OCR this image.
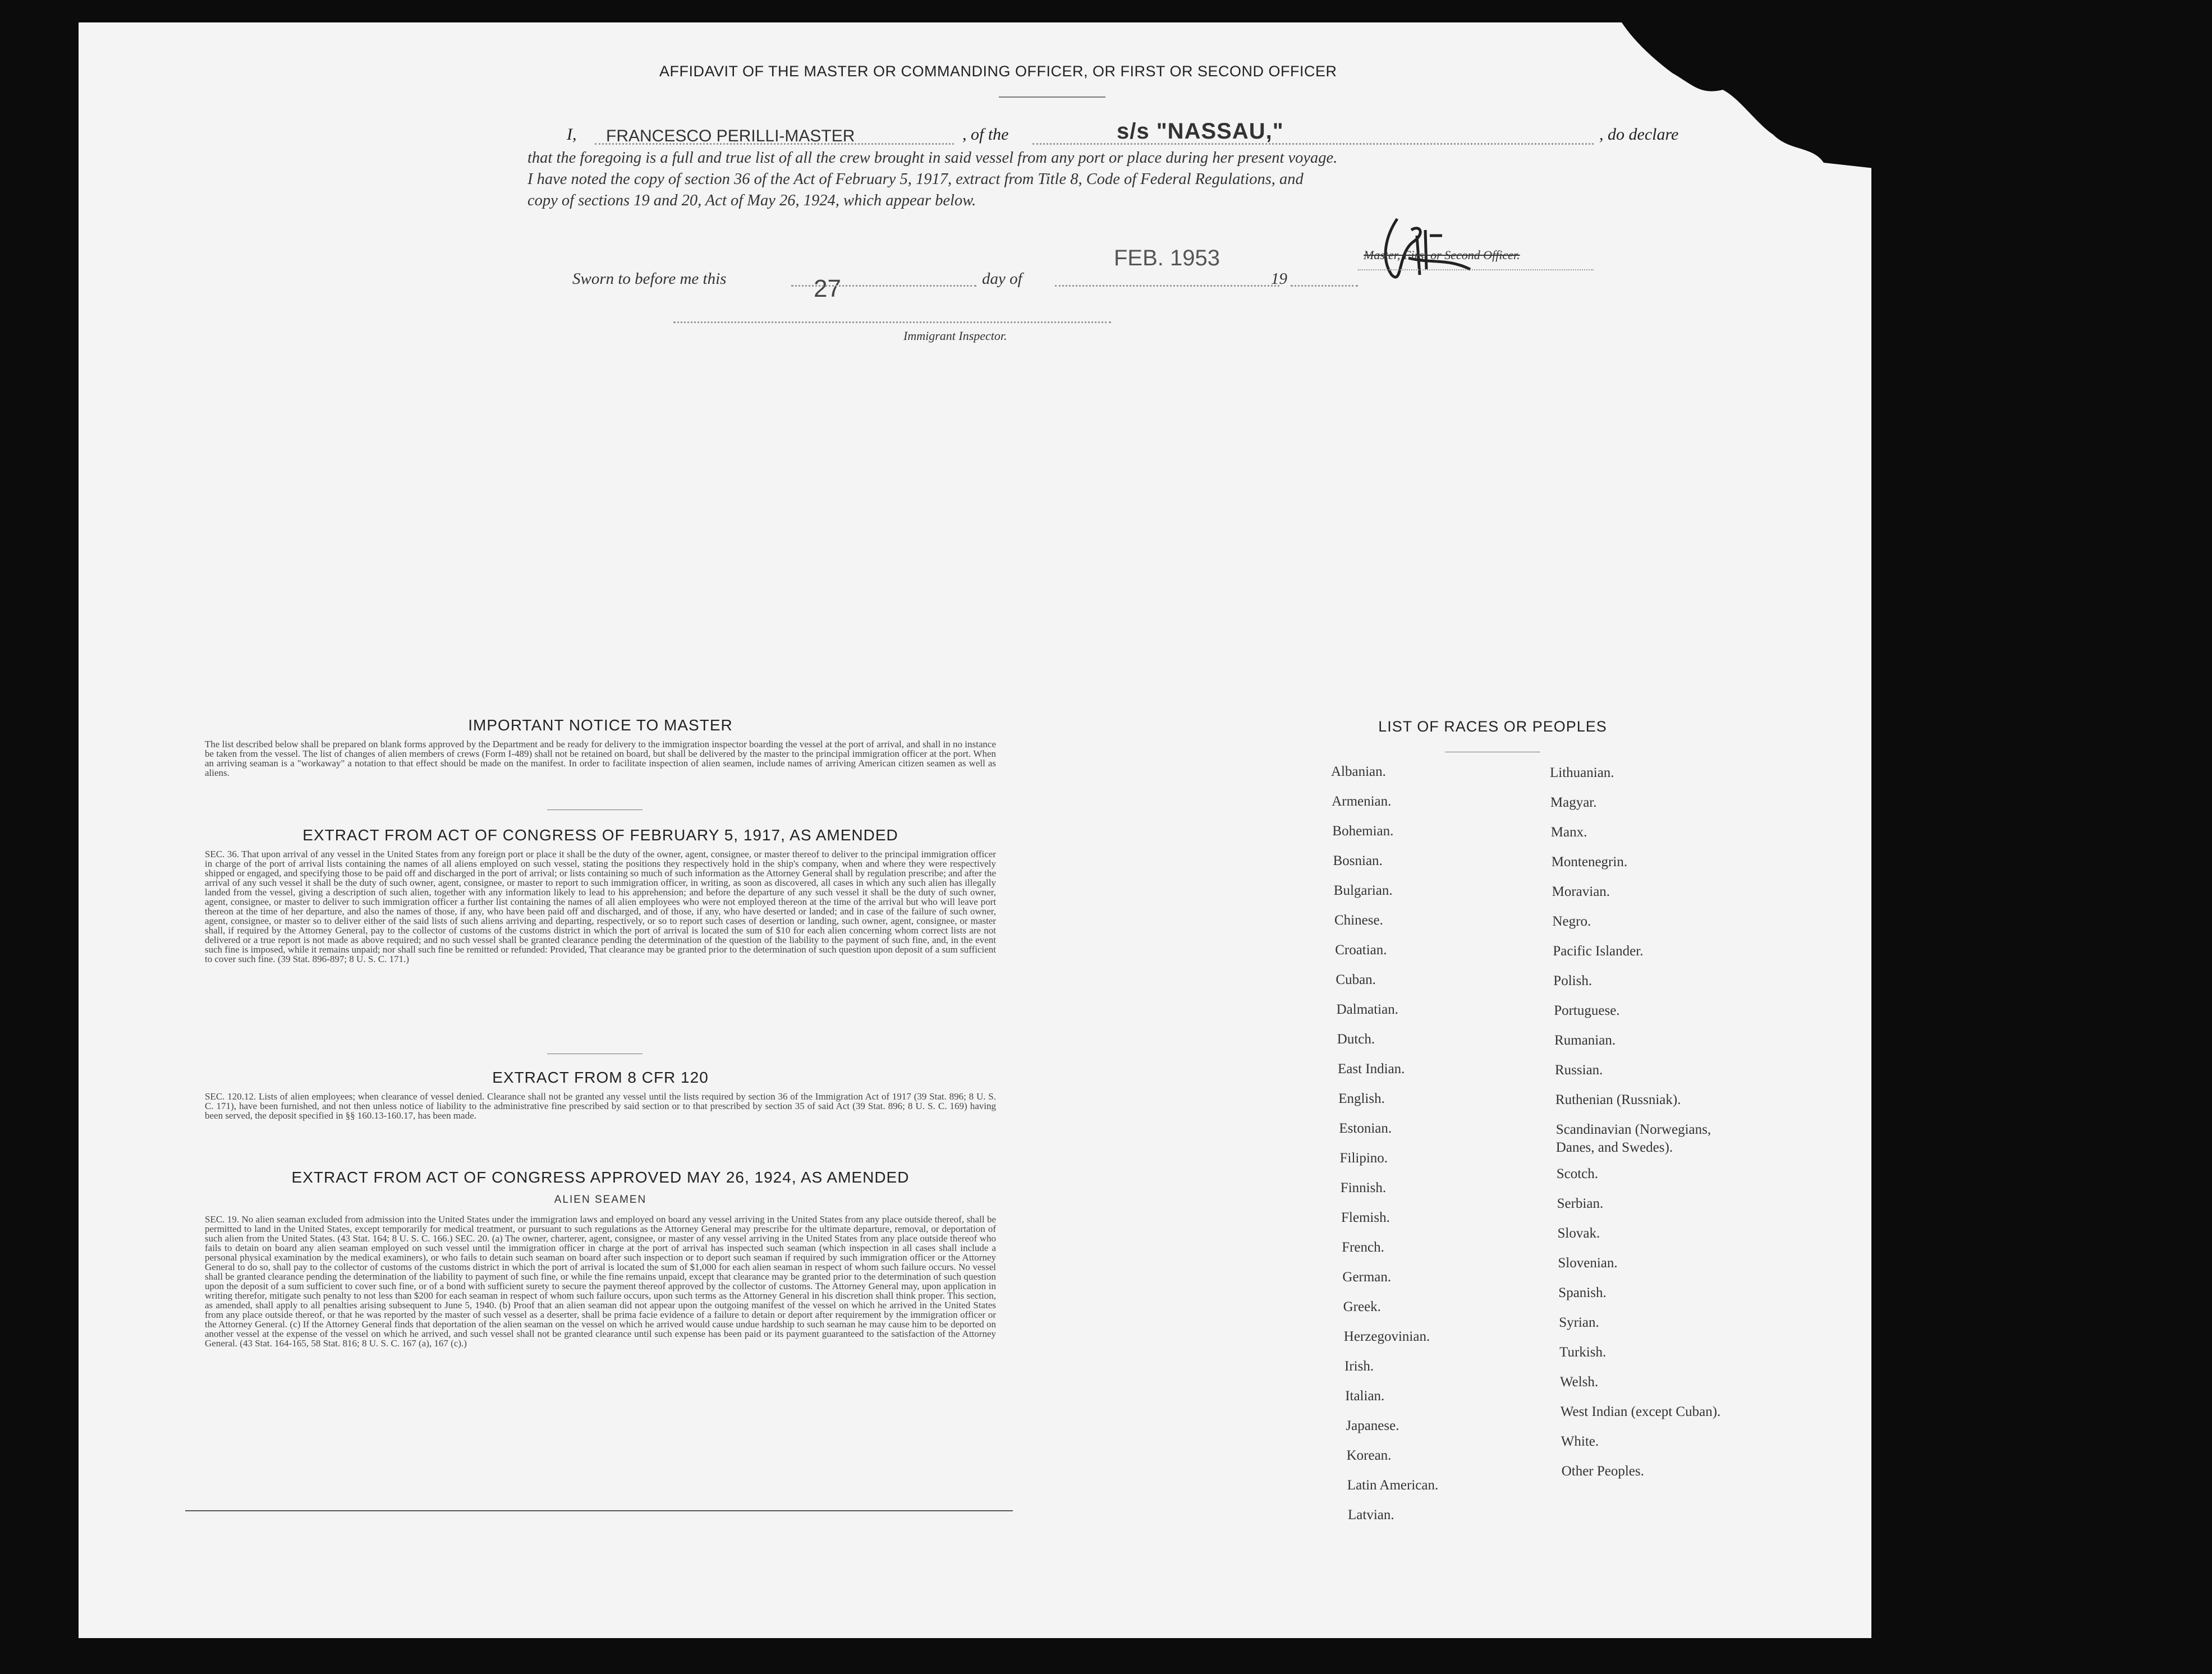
AFFIDAVIT OF THE MASTER OR COMMANDING OFFICER, OR FIRST OR SECOND OFFICER
I, FRANCESCO PERILLI-MASTER	, of the	s/s "NASSAU,"	, do declare
that the foregoing is a full and true list of all the crew brought in said vessel from any port or place during her present voyage.
I have noted the copy of section 36 of the Act of February 5, 1917, extract from Title 8, Code of Federal Regulations, and
copy of sections 19 and 20, Act of May 26, 1924, which appear below.
Sworn to before me this	27	day of
FEB. 1953
19
Master, First or Second Officer.
Immigrant Inspector.
IMPORTANT NOTICE TO MASTER
The list described below shall be prepared on blank forms approved by the Department and be ready for delivery to the immigration inspector boarding the vessel at the port of arrival, and shall in no instance be taken from the vessel. The list of changes of alien members of crews (Form I-489) shall not be retained on board, but shall be delivered by the master to the principal immigration officer at the port. When an arriving seaman is a "workaway" a notation to that effect should be made on the manifest. In order to facilitate inspection of alien seamen, include names of arriving American citizen seamen as well as aliens.
EXTRACT FROM ACT OF CONGRESS OF FEBRUARY 5, 1917, AS AMENDED
SEC. 36. That upon arrival of any vessel in the United States from any foreign port or place it shall be the duty of the owner, agent, consignee, or master thereof to deliver to the principal immigration officer in charge of the port of arrival lists containing the names of all aliens employed on such vessel, stating the positions they respectively hold in the ship's company, when and where they were respectively shipped or engaged, and specifying those to be paid off and discharged in the port of arrival; or lists containing so much of such information as the Attorney General shall by regulation prescribe; and after the arrival of any such vessel it shall be the duty of such owner, agent, consignee, or master to report to such immigration officer, in writing, as soon as discovered, all cases in which any such alien has illegally landed from the vessel, giving a description of such alien, together with any information likely to lead to his apprehension; and before the departure of any such vessel it shall be the duty of such owner, agent, consignee, or master to deliver to such immigration officer a further list containing the names of all alien employees who were not employed thereon at the time of the arrival but who will leave port thereon at the time of her departure, and also the names of those, if any, who have been paid off and discharged, and of those, if any, who have deserted or landed; and in case of the failure of such owner, agent, consignee, or master so to deliver either of the said lists of such aliens arriving and departing, respectively, or so to report such cases of desertion or landing, such owner, agent, consignee, or master shall, if required by the Attorney General, pay to the collector of customs of the customs district in which the port of arrival is located the sum of $10 for each alien concerning whom correct lists are not delivered or a true report is not made as above required; and no such vessel shall be granted clearance pending the determination of the question of the liability to the payment of such fine, and, in the event such fine is imposed, while it remains unpaid; nor shall such fine be remitted or refunded: Provided, That clearance may be granted prior to the determination of such question upon deposit of a sum sufficient to cover such fine. (39 Stat. 896-897; 8 U. S. C. 171.)
EXTRACT FROM 8 CFR 120
SEC. 120.12. Lists of alien employees; when clearance of vessel denied. Clearance shall not be granted any vessel until the lists required by section 36 of the Immigration Act of 1917 (39 Stat. 896; 8 U. S. C. 171), have been furnished, and not then unless notice of liability to the administrative fine prescribed by said section or to that prescribed by section 35 of said Act (39 Stat. 896; 8 U. S. C. 169) having been served, the deposit specified in §§ 160.13-160.17, has been made.
EXTRACT FROM ACT OF CONGRESS APPROVED MAY 26, 1924, AS AMENDED
ALIEN SEAMEN
SEC. 19. No alien seaman excluded from admission into the United States under the immigration laws and employed on board any vessel arriving in the United States from any place outside thereof, shall be permitted to land in the United States, except temporarily for medical treatment, or pursuant to such regulations as the Attorney General may prescribe for the ultimate departure, removal, or deportation of such alien from the United States. (43 Stat. 164; 8 U. S. C. 166.) SEC. 20. (a) The owner, charterer, agent, consignee, or master of any vessel arriving in the United States from any place outside thereof who fails to detain on board any alien seaman employed on such vessel until the immigration officer in charge at the port of arrival has inspected such seaman (which inspection in all cases shall include a personal physical examination by the medical examiners), or who fails to detain such seaman on board after such inspection or to deport such seaman if required by such immigration officer or the Attorney General to do so, shall pay to the collector of customs of the customs district in which the port of arrival is located the sum of $1,000 for each alien seaman in respect of whom such failure occurs. No vessel shall be granted clearance pending the determination of the liability to payment of such fine, or while the fine remains unpaid, except that clearance may be granted prior to the determination of such question upon the deposit of a sum sufficient to cover such fine, or of a bond with sufficient surety to secure the payment thereof approved by the collector of customs. The Attorney General may, upon application in writing therefor, mitigate such penalty to not less than $200 for each seaman in respect of whom such failure occurs, upon such terms as the Attorney General in his discretion shall think proper. This section, as amended, shall apply to all penalties arising subsequent to June 5, 1940. (b) Proof that an alien seaman did not appear upon the outgoing manifest of the vessel on which he arrived in the United States from any place outside thereof, or that he was reported by the master of such vessel as a deserter, shall be prima facie evidence of a failure to detain or deport after requirement by the immigration officer or the Attorney General. (c) If the Attorney General finds that deportation of the alien seaman on the vessel on which he arrived would cause undue hardship to such seaman he may cause him to be deported on another vessel at the expense of the vessel on which he arrived, and such vessel shall not be granted clearance until such expense has been paid or its payment guaranteed to the satisfaction of the Attorney General. (43 Stat. 164-165, 58 Stat. 816; 8 U. S. C. 167 (a), 167 (c).)
LIST OF RACES OR PEOPLES
Albanian.
Armenian.
Bohemian.
Bosnian.
Bulgarian.
Chinese.
Croatian.
Cuban.
Dalmatian.
Dutch.
East Indian.
English.
Estonian.
Filipino.
Finnish.
Flemish.
French.
German.
Greek.
Herzegovinian.
Irish.
Italian.
Japanese.
Korean.
Latin American.
Latvian.
Lithuanian.
Magyar.
Manx.
Montenegrin.
Moravian.
Negro.
Pacific Islander.
Polish.
Portuguese.
Rumanian.
Russian.
Ruthenian (Russniak).
Scandinavian (Norwegians,
Danes, and Swedes).
Scotch.
Serbian.
Slovak.
Slovenian.
Spanish.
Syrian.
Turkish.
Welsh.
West Indian (except Cuban).
White.
Other Peoples.
